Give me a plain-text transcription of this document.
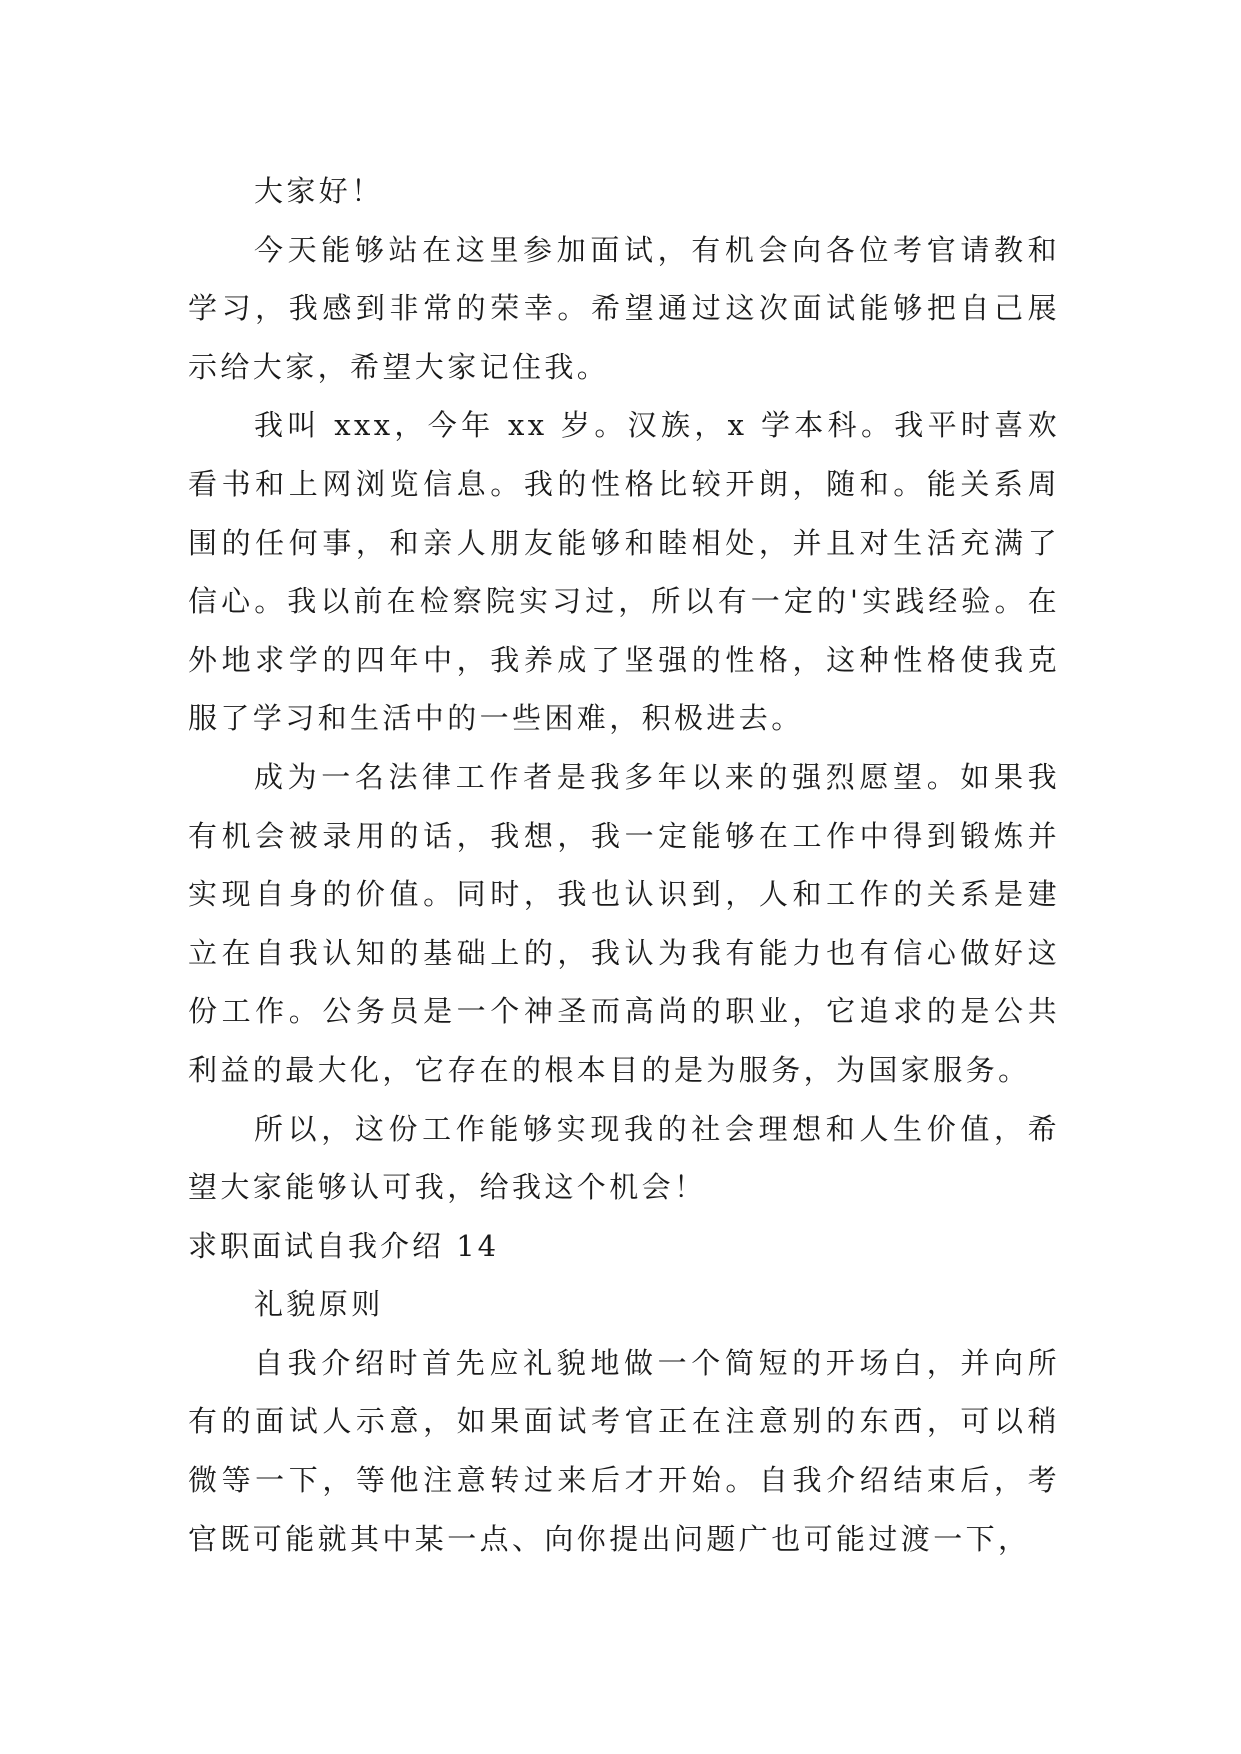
大家好！

今天能够站在这里参加面试，有机会向各位考官请教和学习，我感到非常的荣幸。希望通过这次面试能够把自己展示给大家，希望大家记住我。

我叫 xxx，今年 xx 岁。汉族，x 学本科。我平时喜欢看书和上网浏览信息。我的性格比较开朗，随和。能关系周围的任何事，和亲人朋友能够和睦相处，并且对生活充满了信心。我以前在检察院实习过，所以有一定的'实践经验。在外地求学的四年中，我养成了坚强的性格，这种性格使我克服了学习和生活中的一些困难，积极进去。

成为一名法律工作者是我多年以来的强烈愿望。如果我有机会被录用的话，我想，我一定能够在工作中得到锻炼并实现自身的价值。同时，我也认识到，人和工作的关系是建立在自我认知的基础上的，我认为我有能力也有信心做好这份工作。公务员是一个神圣而高尚的职业，它追求的是公共利益的最大化，它存在的根本目的是为服务，为国家服务。

所以，这份工作能够实现我的社会理想和人生价值，希望大家能够认可我，给我这个机会！

求职面试自我介绍 14

礼貌原则

自我介绍时首先应礼貌地做一个简短的开场白，并向所有的面试人示意，如果面试考官正在注意别的东西，可以稍微等一下，等他注意转过来后才开始。自我介绍结束后，考官既可能就其中某一点、向你提出问题广也可能过渡一下，
